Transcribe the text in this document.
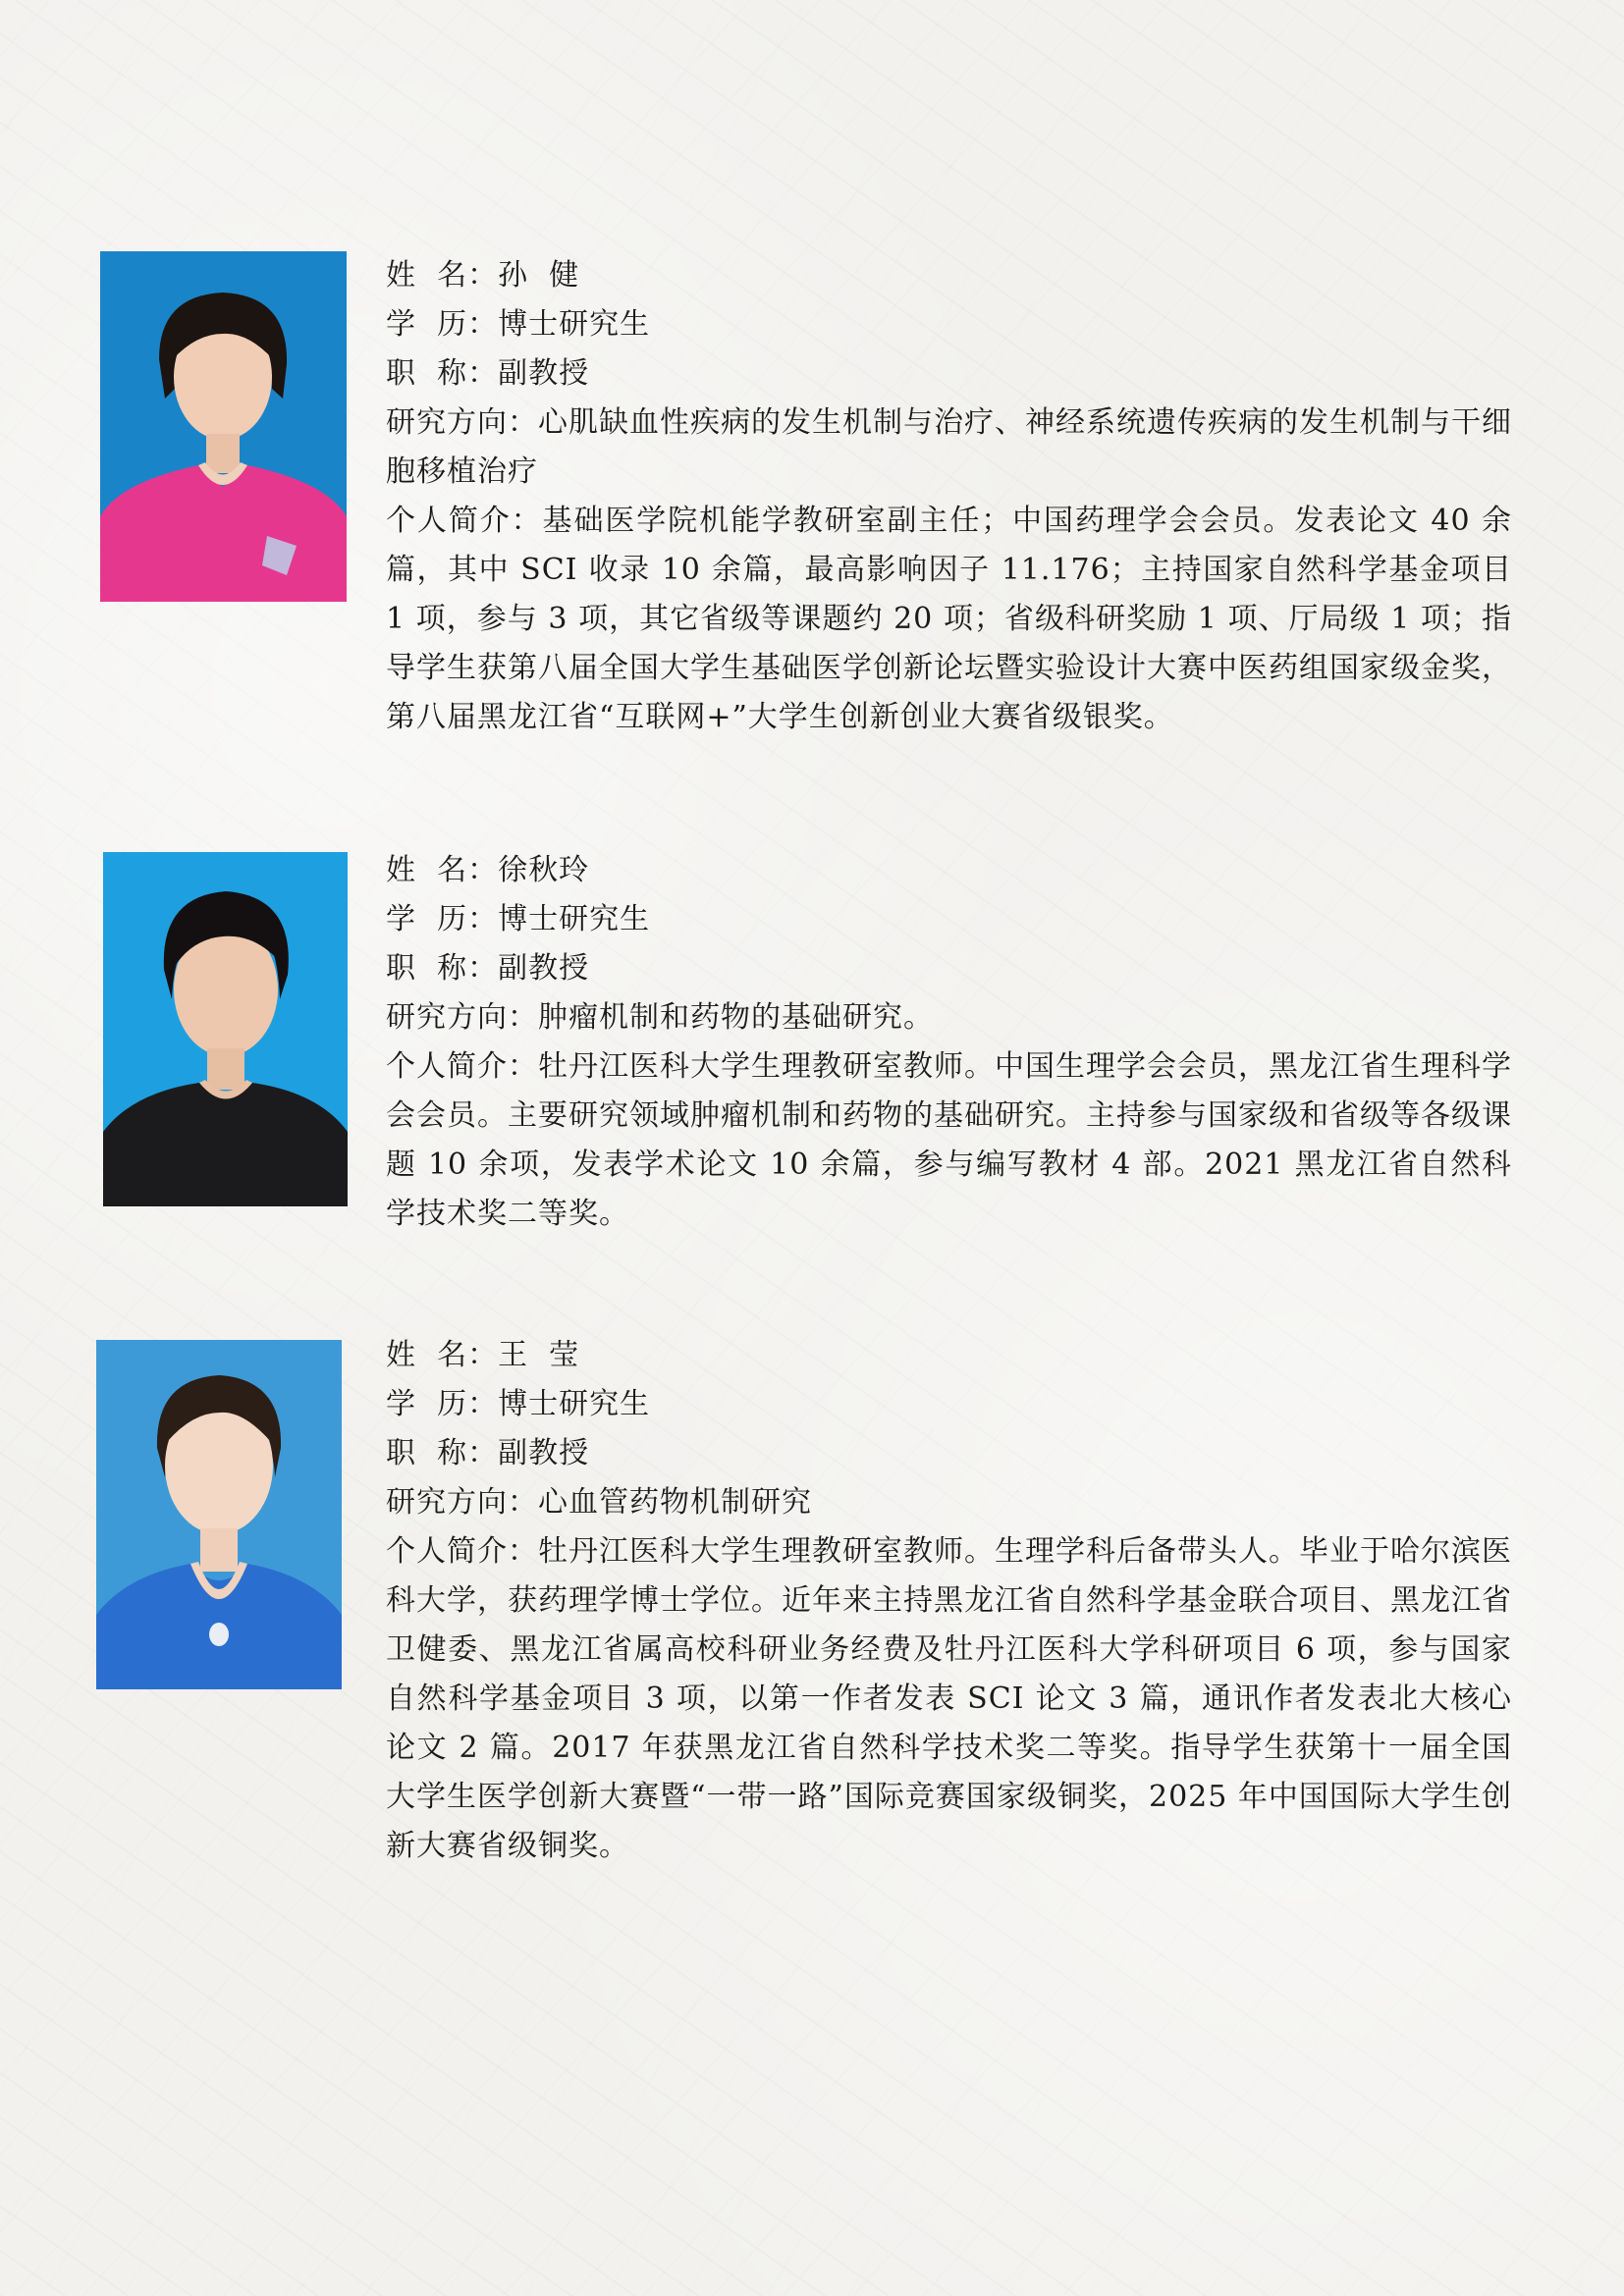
姓  名：孙  健
学  历：博士研究生
职  称：副教授
研究方向：心肌缺血性疾病的发生机制与治疗、神经系统遗传疾病的发生机制与干细胞移植治疗
个人简介：基础医学院机能学教研室副主任；中国药理学会会员。发表论文 40 余篇，其中 SCI 收录 10 余篇，最高影响因子 11.176；主持国家自然科学基金项目 1 项，参与 3 项，其它省级等课题约 20 项；省级科研奖励 1 项、厅局级 1 项；指导学生获第八届全国大学生基础医学创新论坛暨实验设计大赛中医药组国家级金奖，第八届黑龙江省“互联网+”大学生创新创业大赛省级银奖。
姓  名：徐秋玲
学  历：博士研究生
职  称：副教授
研究方向：肿瘤机制和药物的基础研究。
个人简介：牡丹江医科大学生理教研室教师。中国生理学会会员，黑龙江省生理科学会会员。主要研究领域肿瘤机制和药物的基础研究。主持参与国家级和省级等各级课题 10 余项，发表学术论文 10 余篇，参与编写教材 4 部。2021 黑龙江省自然科学技术奖二等奖。
姓  名：王  莹
学  历：博士研究生
职  称：副教授
研究方向：心血管药物机制研究
个人简介：牡丹江医科大学生理教研室教师。生理学科后备带头人。毕业于哈尔滨医科大学，获药理学博士学位。近年来主持黑龙江省自然科学基金联合项目、黑龙江省卫健委、黑龙江省属高校科研业务经费及牡丹江医科大学科研项目 6 项，参与国家自然科学基金项目 3 项，以第一作者发表 SCI 论文 3 篇，通讯作者发表北大核心论文 2 篇。2017 年获黑龙江省自然科学技术奖二等奖。指导学生获第十一届全国大学生医学创新大赛暨“一带一路”国际竞赛国家级铜奖，2025 年中国国际大学生创新大赛省级铜奖。
